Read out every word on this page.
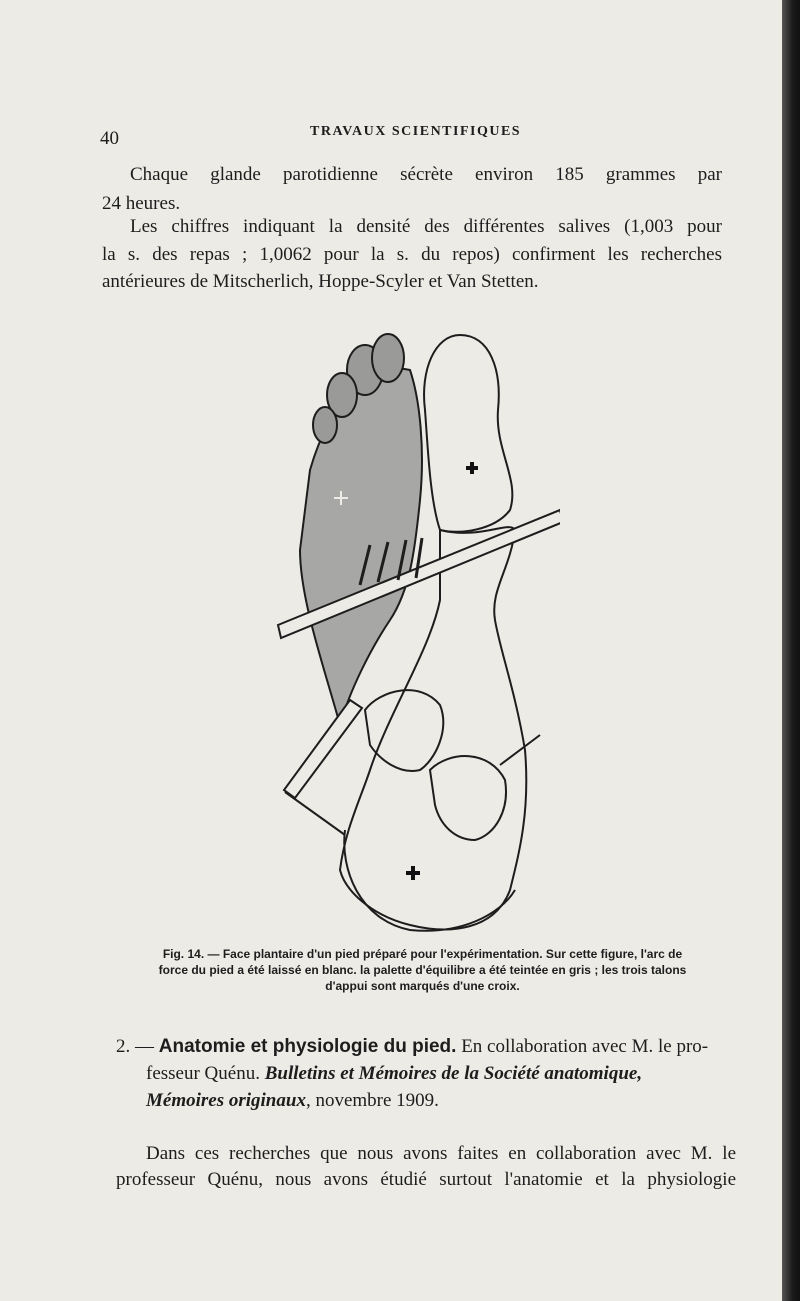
40	TRAVAUX SCIENTIFIQUES
Chaque glande parotidienne sécrète environ 185 grammes par
24 heures.
Les chiffres indiquant la densité des différentes salives (1,003 pour
la s. des repas ; 1,0062 pour la s. du repos) confirment les recherches
antérieures de Mitscherlich, Hoppe-Scyler et Van Stetten.
Fig. 14. — Face plantaire d'un pied préparé pour l'expérimentation. Sur cette figure, l'arc de
force du pied a été laissé en blanc. la palette d'équilibre a été teintée en gris ; les trois talons
d'appui sont marqués d'une croix.
2. — Anatomie et physiologie du pied. En collaboration avec M. le pro-
fesseur Quénu. Bulletins et Mémoires de la Société anatomique,
Mémoires originaux, novembre 1909.
Dans ces recherches que nous avons faites en collaboration avec M. le
professeur Quénu, nous avons étudié surtout l'anatomie et la physiologie
